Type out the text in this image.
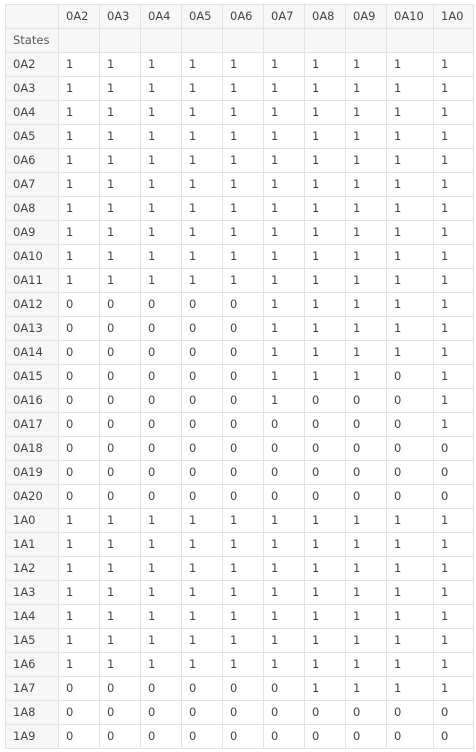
	0A2	0A3	0A4	0A5	0A6	0A7	0A8	0A9	0A10	1A0
States										
0A2	1	1	1	1	1	1	1	1	1	1
0A3	1	1	1	1	1	1	1	1	1	1
0A4	1	1	1	1	1	1	1	1	1	1
0A5	1	1	1	1	1	1	1	1	1	1
0A6	1	1	1	1	1	1	1	1	1	1
0A7	1	1	1	1	1	1	1	1	1	1
0A8	1	1	1	1	1	1	1	1	1	1
0A9	1	1	1	1	1	1	1	1	1	1
0A10	1	1	1	1	1	1	1	1	1	1
0A11	1	1	1	1	1	1	1	1	1	1
0A12	0	0	0	0	0	1	1	1	1	1
0A13	0	0	0	0	0	1	1	1	1	1
0A14	0	0	0	0	0	1	1	1	1	1
0A15	0	0	0	0	0	1	1	1	0	1
0A16	0	0	0	0	0	1	0	0	0	1
0A17	0	0	0	0	0	0	0	0	0	1
0A18	0	0	0	0	0	0	0	0	0	0
0A19	0	0	0	0	0	0	0	0	0	0
0A20	0	0	0	0	0	0	0	0	0	0
1A0	1	1	1	1	1	1	1	1	1	1
1A1	1	1	1	1	1	1	1	1	1	1
1A2	1	1	1	1	1	1	1	1	1	1
1A3	1	1	1	1	1	1	1	1	1	1
1A4	1	1	1	1	1	1	1	1	1	1
1A5	1	1	1	1	1	1	1	1	1	1
1A6	1	1	1	1	1	1	1	1	1	1
1A7	0	0	0	0	0	0	1	1	1	1
1A8	0	0	0	0	0	0	0	0	0	0
1A9	0	0	0	0	0	0	0	0	0	0
